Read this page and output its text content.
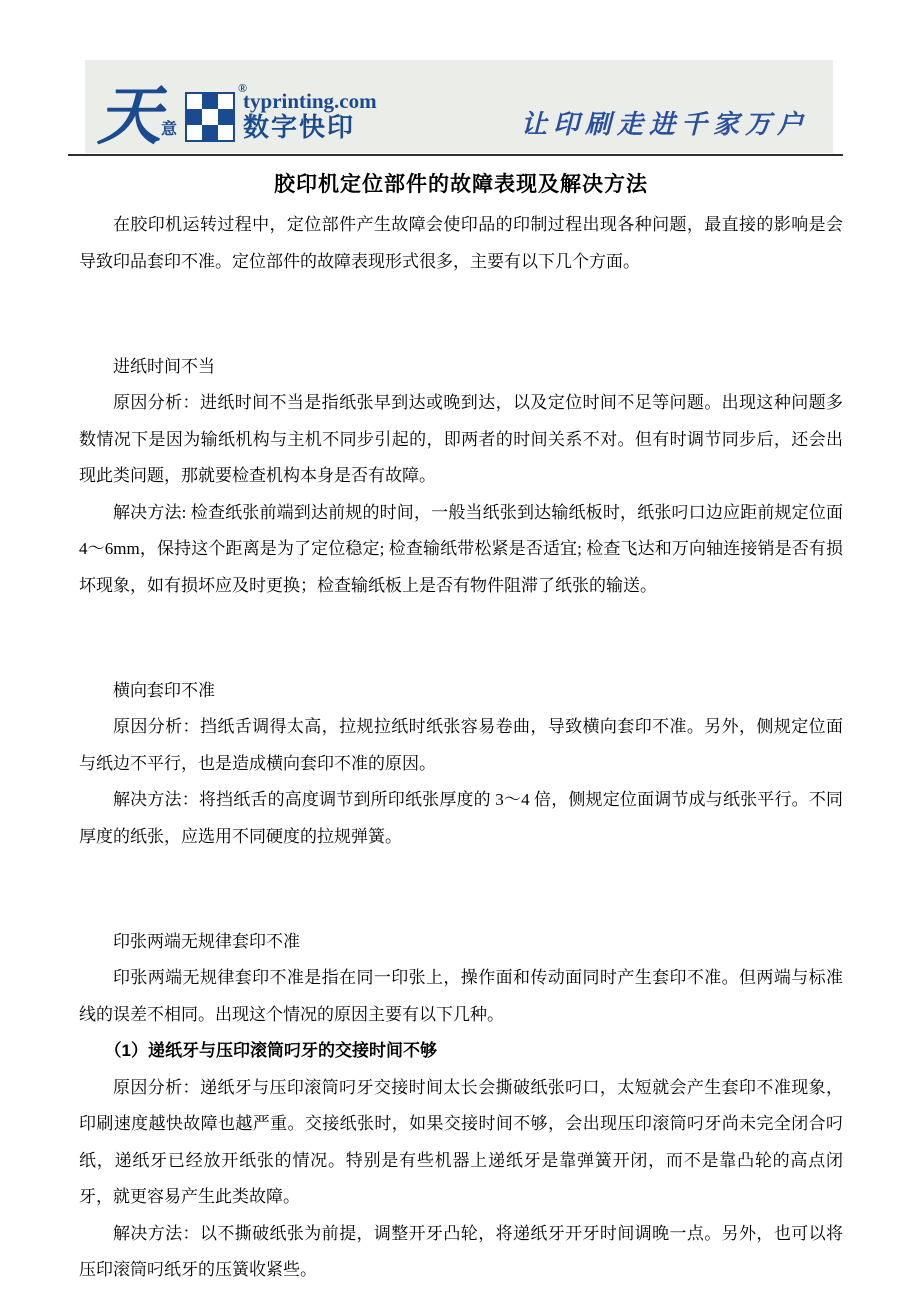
天 意
®
typrinting.com
数字快印	让印刷走进千家万户
胶印机定位部件的故障表现及解决方法

在胶印机运转过程中，定位部件产生故障会使印品的印制过程出现各种问题，最直接的影响是会导致印品套印不准。定位部件的故障表现形式很多，主要有以下几个方面。

进纸时间不当

原因分析：进纸时间不当是指纸张早到达或晚到达，以及定位时间不足等问题。出现这种问题多数情况下是因为输纸机构与主机不同步引起的，即两者的时间关系不对。但有时调节同步后，还会出现此类问题，那就要检查机构本身是否有故障。

解决方法: 检查纸张前端到达前规的时间，一般当纸张到达输纸板时，纸张叼口边应距前规定位面 4～6mm，保持这个距离是为了定位稳定; 检查输纸带松紧是否适宜; 检查飞达和万向轴连接销是否有损坏现象，如有损坏应及时更换；检查输纸板上是否有物件阻滞了纸张的输送。

横向套印不准

原因分析：挡纸舌调得太高，拉规拉纸时纸张容易卷曲，导致横向套印不准。另外，侧规定位面与纸边不平行，也是造成横向套印不准的原因。

解决方法：将挡纸舌的高度调节到所印纸张厚度的 3～4 倍，侧规定位面调节成与纸张平行。不同厚度的纸张，应选用不同硬度的拉规弹簧。

印张两端无规律套印不准

印张两端无规律套印不准是指在同一印张上，操作面和传动面同时产生套印不准。但两端与标准线的误差不相同。出现这个情况的原因主要有以下几种。

（1）递纸牙与压印滚筒叼牙的交接时间不够

原因分析：递纸牙与压印滚筒叼牙交接时间太长会撕破纸张叼口，太短就会产生套印不准现象，印刷速度越快故障也越严重。交接纸张时，如果交接时间不够，会出现压印滚筒叼牙尚未完全闭合叼纸，递纸牙已经放开纸张的情况。特别是有些机器上递纸牙是靠弹簧开闭，而不是靠凸轮的高点闭牙，就更容易产生此类故障。

解决方法：以不撕破纸张为前提，调整开牙凸轮，将递纸牙开牙时间调晚一点。另外，也可以将压印滚筒叼纸牙的压簧收紧些。
